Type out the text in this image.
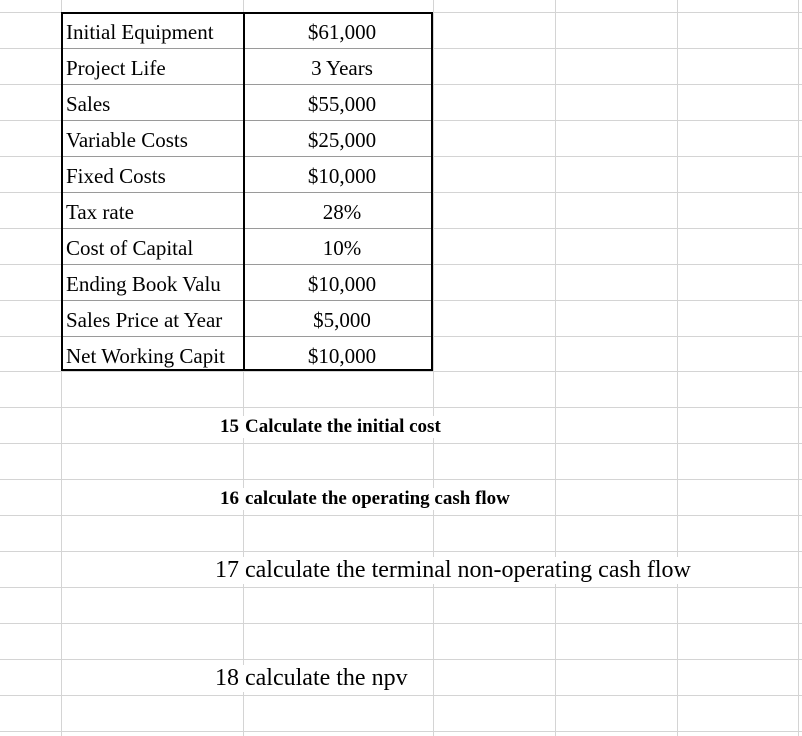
Initial Equipment	$61,000
Project Life	3 Years
Sales	$55,000
Variable Costs	$25,000
Fixed Costs	$10,000
Tax rate	28%
Cost of Capital	10%
Ending Book Valu	$10,000
Sales Price at Year	$5,000
Net Working Capit	$10,000
15 Calculate the initial cost
16 calculate the operating cash flow
17 calculate the terminal non-operating cash flow
18 calculate the npv
